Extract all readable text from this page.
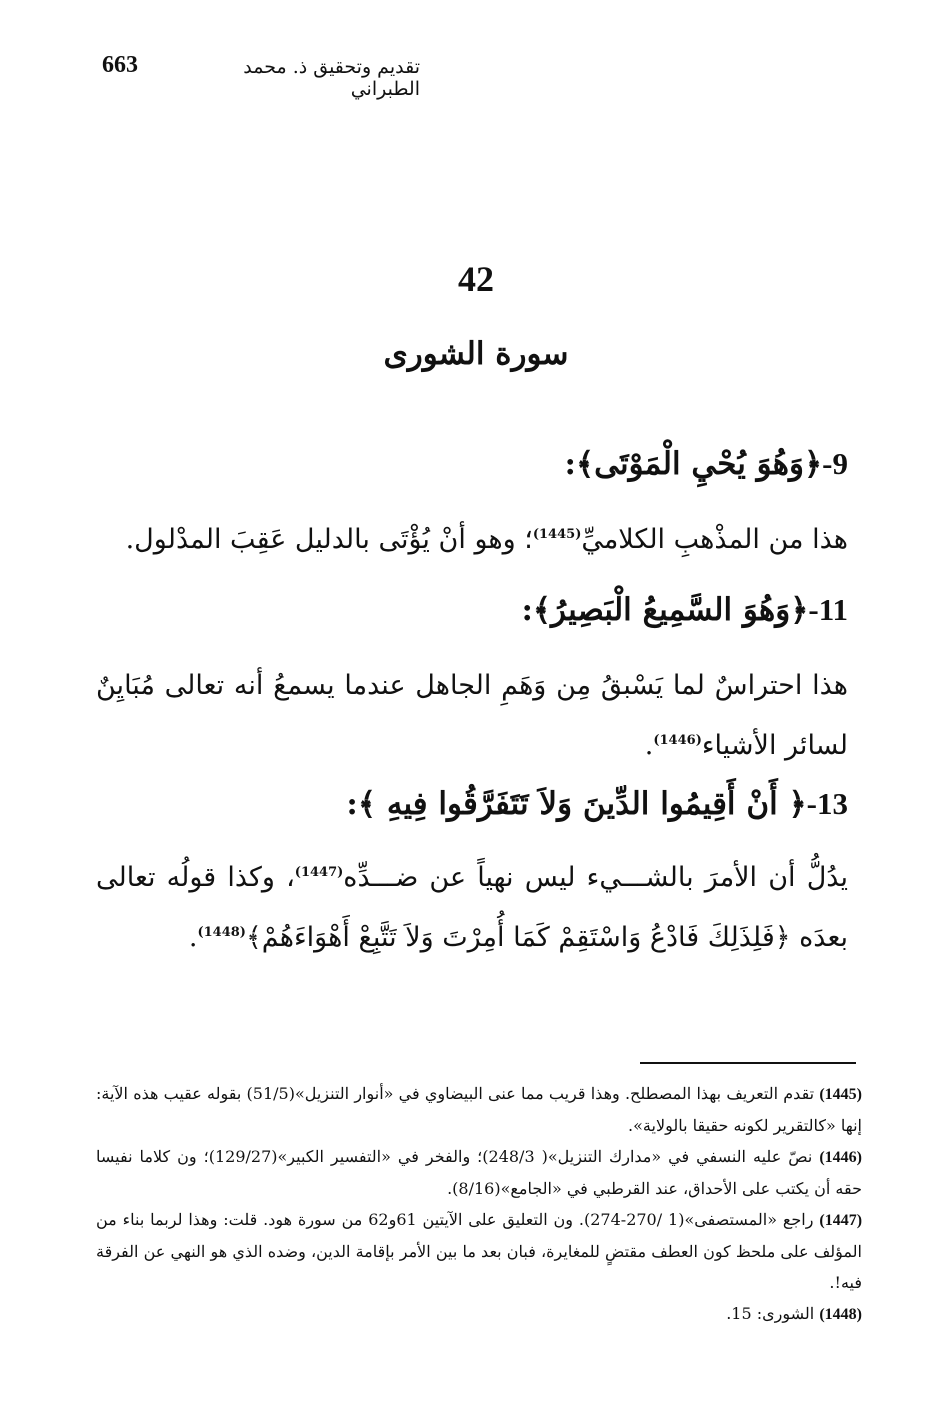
663	تقديم وتحقيق ذ. محمد الطبراني
42
سورة الشورى
9-﴿وَهُوَ يُحْيِ الْمَوْتَى﴾:
هذا من المذْهبِ الكلاميِّ$^{(1445)}$؛ وهو أنْ يُؤْتَى بالدليل عَقِبَ المدْلول.
11-﴿وَهُوَ السَّمِيعُ الْبَصِيرُ﴾:
هذا احتراسٌ لما يَسْبقُ مِن وَهَمِ الجاهل عندما يسمعُ أنه تعالى مُبَايِنٌ لسائر الأشياء$^{(1446)}$.
13-﴿ أَنْ أَقِيمُوا الدِّينَ وَلاَ تَتَفَرَّقُوا فِيهِ ﴾:
يدُلُّ أن الأمرَ بالشـــيء ليس نهياً عن ضـــدِّه$^{(1447)}$، وكذا قولُه تعالى بعدَه ﴿فَلِذَلِكَ فَادْعُ وَاسْتَقِمْ كَمَا أُمِرْتَ وَلاَ تَتَّبِعْ أَهْوَاءَهُمْ﴾$^{(1448)}$.

(1445) تقدم التعريف بهذا المصطلح. وهذا قريب مما عنى البيضاوي في «أنوار التنزيل»(51/5) بقوله عقيب هذه الآية: إنها «كالتقرير لكونه حقيقا بالولاية».

(1446) نصّ عليه النسفي في «مدارك التنزيل»( 248/3)؛ والفخر في «التفسير الكبير»(129/27)؛ ون كلاما نفيسا حقه أن يكتب على الأحداق، عند القرطبي في «الجامع»(8/16).

(1447) راجع «المستصفى»(1 /270-274). ون التعليق على الآيتين 61و62 من سورة هود. قلت: وهذا لربما بناء من المؤلف على ملحظ كون العطف مقتضٍ للمغايرة، فبان بعد ما بين الأمر بإقامة الدين، وضده الذي هو النهي عن الفرقة فيه!.

(1448) الشورى: 15.
